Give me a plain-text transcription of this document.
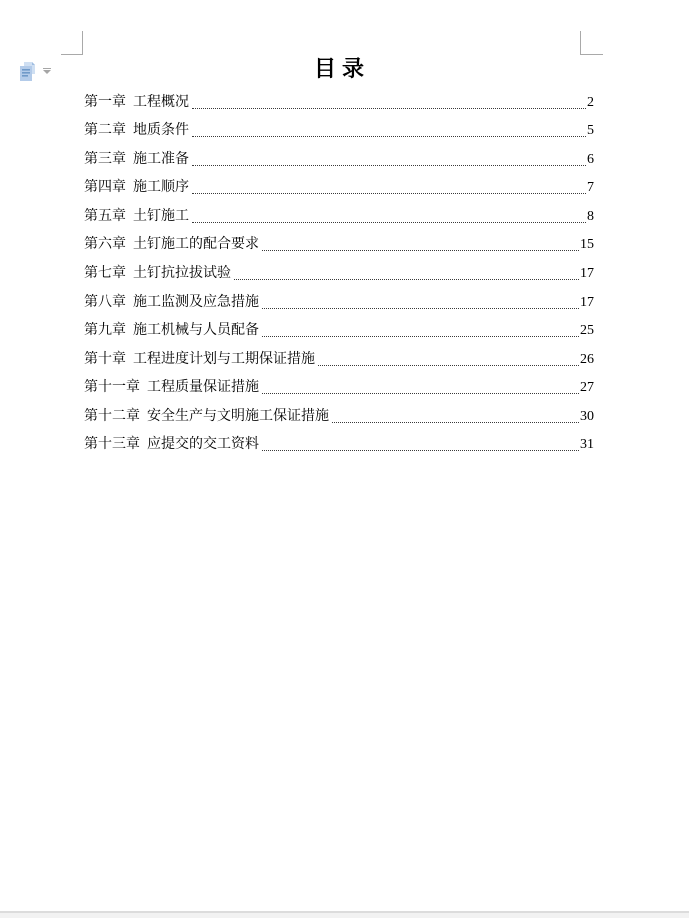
目录
第一章 工程概况	2
第二章 地质条件	5
第三章 施工准备	6
第四章 施工顺序	7
第五章 土钉施工	8
第六章 土钉施工的配合要求	15
第七章 土钉抗拉拔试验	17
第八章 施工监测及应急措施	17
第九章 施工机械与人员配备	25
第十章 工程进度计划与工期保证措施	26
第十一章 工程质量保证措施	27
第十二章 安全生产与文明施工保证措施	30
第十三章 应提交的交工资料	31
